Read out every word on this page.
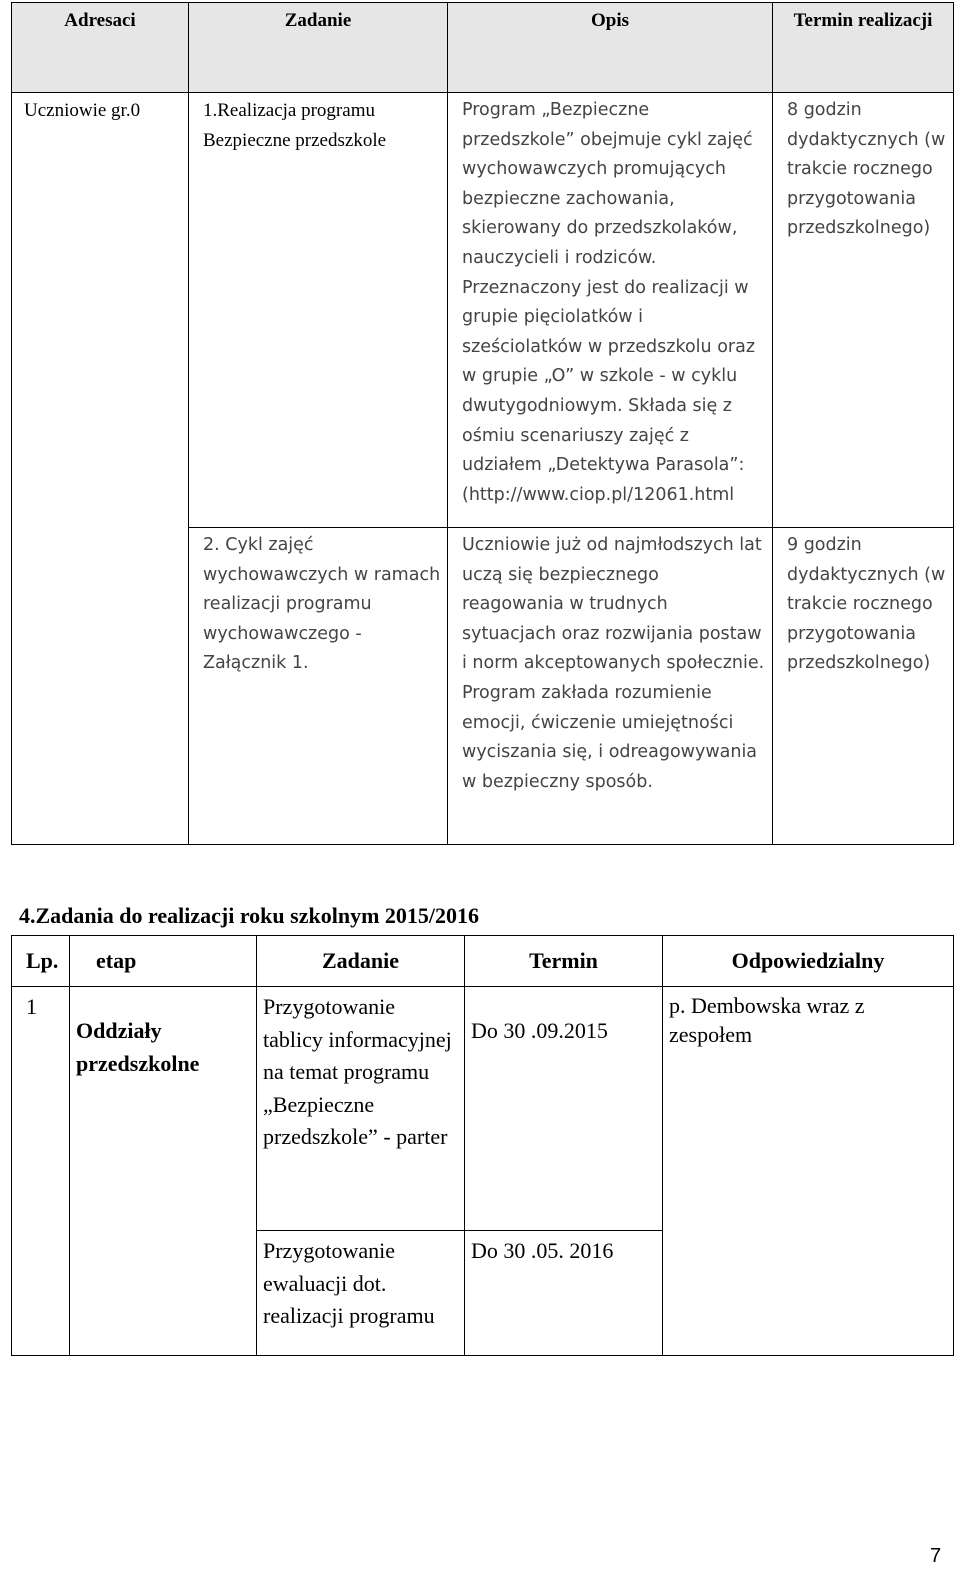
Adresaci	Zadanie	Opis	Termin realizacji

Uczniowie gr.0	1.Realizacja programu Bezpieczne przedszkole	Program „Bezpieczne przedszkole” obejmuje cykl zajęć wychowawczych promujących bezpieczne zachowania, skierowany do przedszkolaków, nauczycieli i rodziców. Przeznaczony jest do realizacji w grupie pięciolatków i sześciolatków w przedszkolu oraz w grupie „O” w szkole - w cyklu dwutygodniowym. Składa się z ośmiu scenariuszy zajęć z udziałem „Detektywa Parasola”: (http://www.ciop.pl/12061.html	8 godzin dydaktycznych (w trakcie rocznego przygotowania przedszkolnego)

	2. Cykl zajęć wychowawczych w ramach realizacji programu wychowawczego - Załącznik 1.	Uczniowie już od najmłodszych lat uczą się bezpiecznego reagowania w trudnych sytuacjach oraz rozwijania postaw i norm akceptowanych społecznie. Program zakłada rozumienie emocji, ćwiczenie umiejętności wyciszania się, i odreagowywania w bezpieczny sposób.	9 godzin dydaktycznych (w trakcie rocznego przygotowania przedszkolnego)
4.Zadania do realizacji roku szkolnym 2015/2016
Lp.	etap	Zadanie	Termin	Odpowiedzialny

1	Oddziały przedszkolne	Przygotowanie tablicy informacyjnej na temat programu „Bezpieczne przedszkole” - parter	Do 30 .09.2015	p. Dembowska wraz z zespołem

		Przygotowanie ewaluacji dot. realizacji programu	Do 30 .05. 2016	
7
